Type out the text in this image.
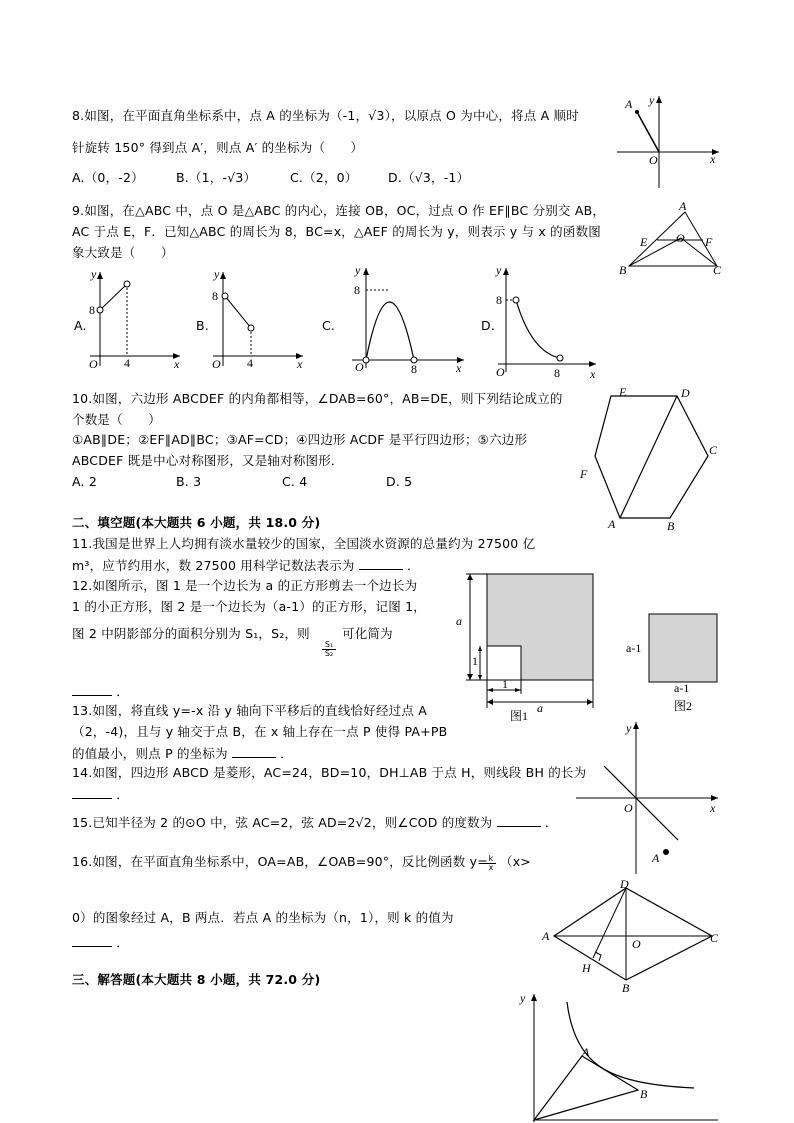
8.如图，在平面直角坐标系中，点 A 的坐标为（-1，√3），以原点 O 为中心，将点 A 顺时
针旋转 150° 得到点 A′，则点 A′ 的坐标为（　　）
A.（0，-2）	B.（1，-√3）	C.（2，0） D.（√3，-1）
A y
O	x
9.如图，在△ABC 中，点 O 是△ABC 的内心，连接 OB，OC，过点 O 作 EF∥BC 分别交 AB，
AC 于点 E，F．已知△ABC 的周长为 8，BC=x，△AEF 的周长为 y，则表示 y 与 x 的函数图
象大致是（　　）
A
E O F
B	C
A.
y
x
O
8
4
B.
y
x
O
8
4
C.
y
x
O
8
8
D.
y
x
O
8
8
10.如图，六边形 ABCDEF 的内角都相等，∠DAB=60°，AB=DE，则下列结论成立的
个数是（　　）
①AB∥DE；②EF∥AD∥BC；③AF=CD；④四边形 ACDF 是平行四边形；⑤六边形
ABCDEF 既是中心对称图形，又是轴对称图形．
A. 2	B. 3	C. 4	D. 5
E	D
C
F
A	B
二、填空题(本大题共 6 小题，共 18.0 分)
11.我国是世界上人均拥有淡水量较少的国家，全国淡水资源的总量约为 27500 亿
m³，应节约用水，数 27500 用科学记数法表示为	．
12.如图所示，图 1 是一个边长为 a 的正方形剪去一个边长为
1 的小正方形，图 2 是一个边长为（a-1）的正方形，记图 1，
图 2 中阴影部分的面积分别为 S₁，S₂，则
$\frac{\text{S₁}}{\text{S₂}}$
可化简为
．
a
1
1
a
图1
a-1
a-1
图2
13.如图，将直线 y=-x 沿 y 轴向下平移后的直线恰好经过点 A
（2，-4)，且与 y 轴交于点 B，在 x 轴上存在一点 P 使得 PA+PB
的值最小，则点 P 的坐标为	．
y
x
O
A
14.如图，四边形 ABCD 是菱形，AC=24，BD=10，DH⊥AB 于点 H，则线段 BH 的长为
．
15.已知半径为 2 的⊙O 中，弦 AC=2，弦 AD=2√2，则∠COD 的度数为	．
16.如图，在平面直角坐标系中，OA=AB，∠OAB=90°，反比例函数 y=
$\frac{k}{x} (x>$
0）的图象经过 A，B 两点．若点 A 的坐标为（n，1），则 k 的值为
．
D
A
O	C
H
B
三、解答题(本大题共 8 小题，共 72.0 分)
y
A
B
